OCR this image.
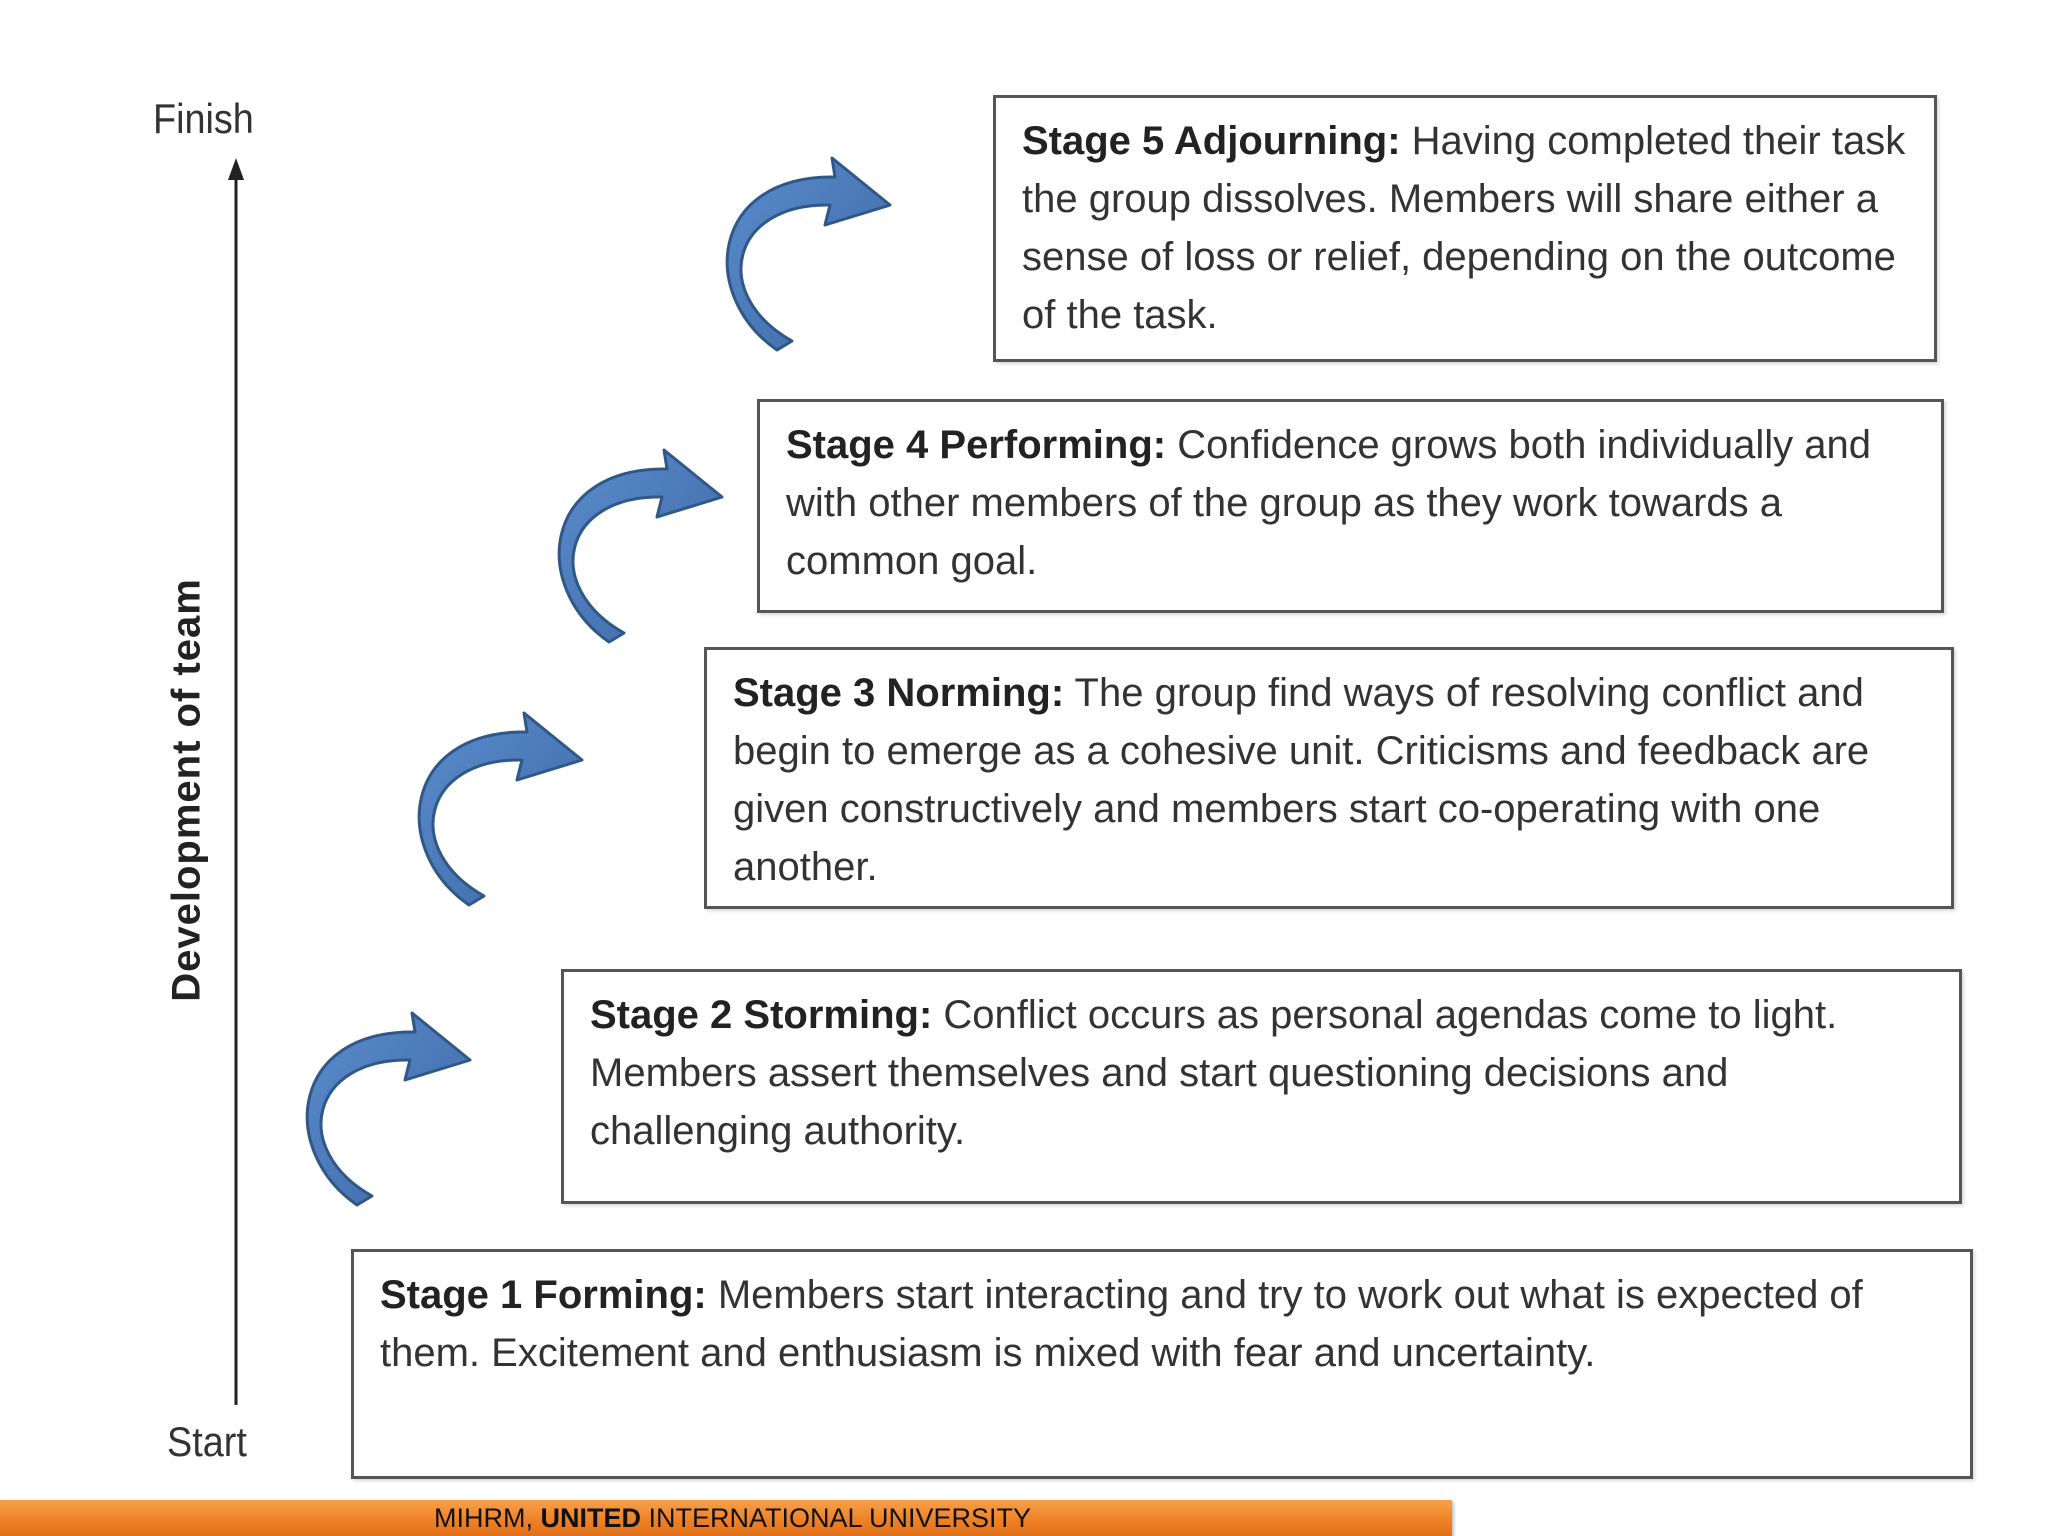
Finish
Start
Development of team
Stage 5 Adjourning: Having completed their task the group dissolves. Members will share either a sense of loss or relief, depending on the outcome of the task.
Stage 4 Performing: Confidence grows both individually and with other members of the group as they work towards a common goal.
Stage 3 Norming: The group find ways of resolving conflict and begin to emerge as a cohesive unit. Criticisms and feedback are given constructively and members start co-operating with one another.
Stage 2 Storming: Conflict occurs as personal agendas come to light. Members assert themselves and start questioning decisions and challenging authority.
Stage 1 Forming: Members start interacting and try to work out what is expected of them. Excitement and enthusiasm is mixed with fear and uncertainty.
MIHRM, UNITED INTERNATIONAL UNIVERSITY
